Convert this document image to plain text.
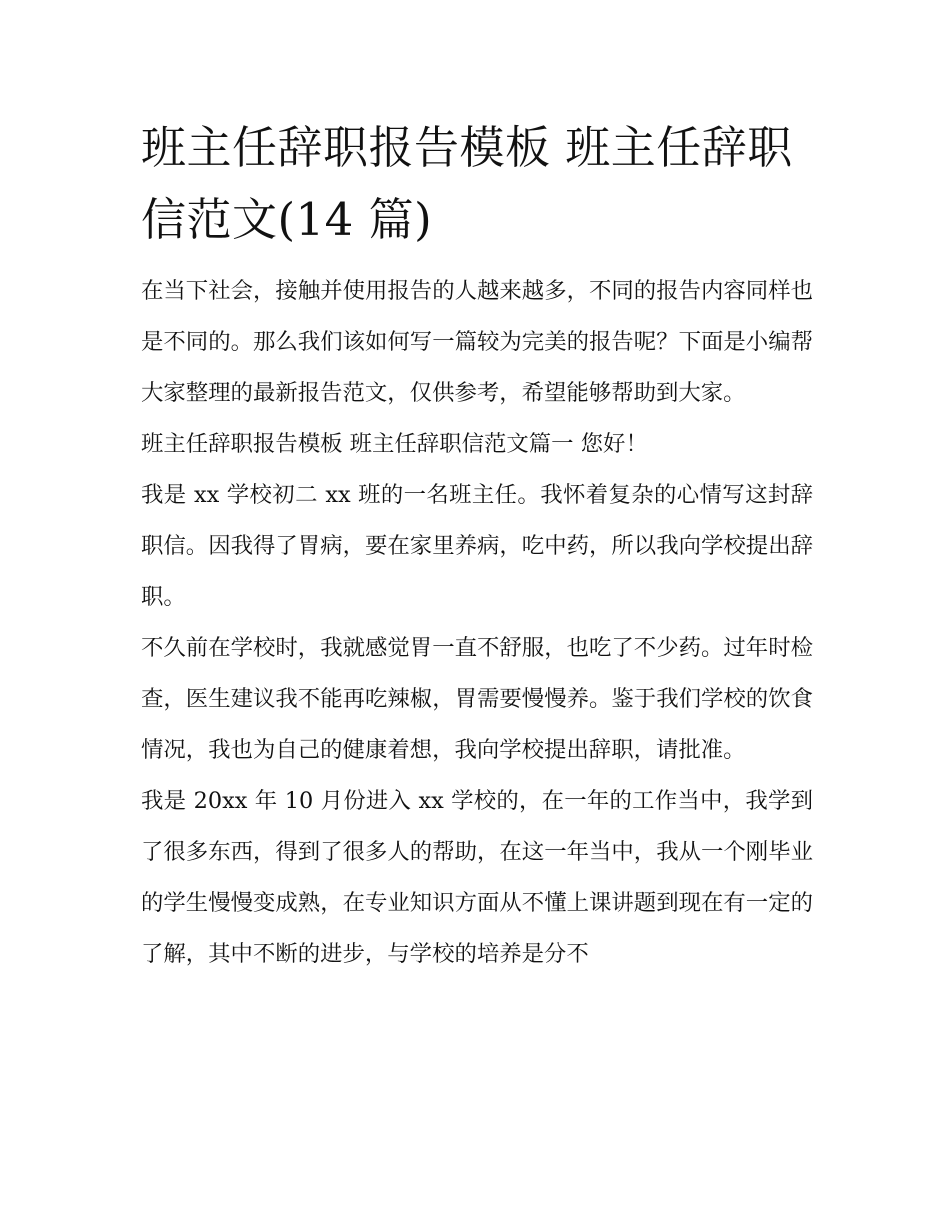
班主任辞职报告模板 班主任辞职信范文(14 篇)

在当下社会，接触并使用报告的人越来越多，不同的报告内容同样也是不同的。那么我们该如何写一篇较为完美的报告呢？下面是小编帮大家整理的最新报告范文，仅供参考，希望能够帮助到大家。

班主任辞职报告模板 班主任辞职信范文篇一 您好！

我是 xx 学校初二 xx 班的一名班主任。我怀着复杂的心情写这封辞职信。因我得了胃病，要在家里养病，吃中药，所以我向学校提出辞职。

不久前在学校时，我就感觉胃一直不舒服，也吃了不少药。过年时检查，医生建议我不能再吃辣椒，胃需要慢慢养。鉴于我们学校的饮食情况，我也为自己的健康着想，我向学校提出辞职，请批准。

我是 20xx 年 10 月份进入 xx 学校的，在一年的工作当中，我学到了很多东西，得到了很多人的帮助，在这一年当中，我从一个刚毕业的学生慢慢变成熟，在专业知识方面从不懂上课讲题到现在有一定的了解，其中不断的进步，与学校的培养是分不
